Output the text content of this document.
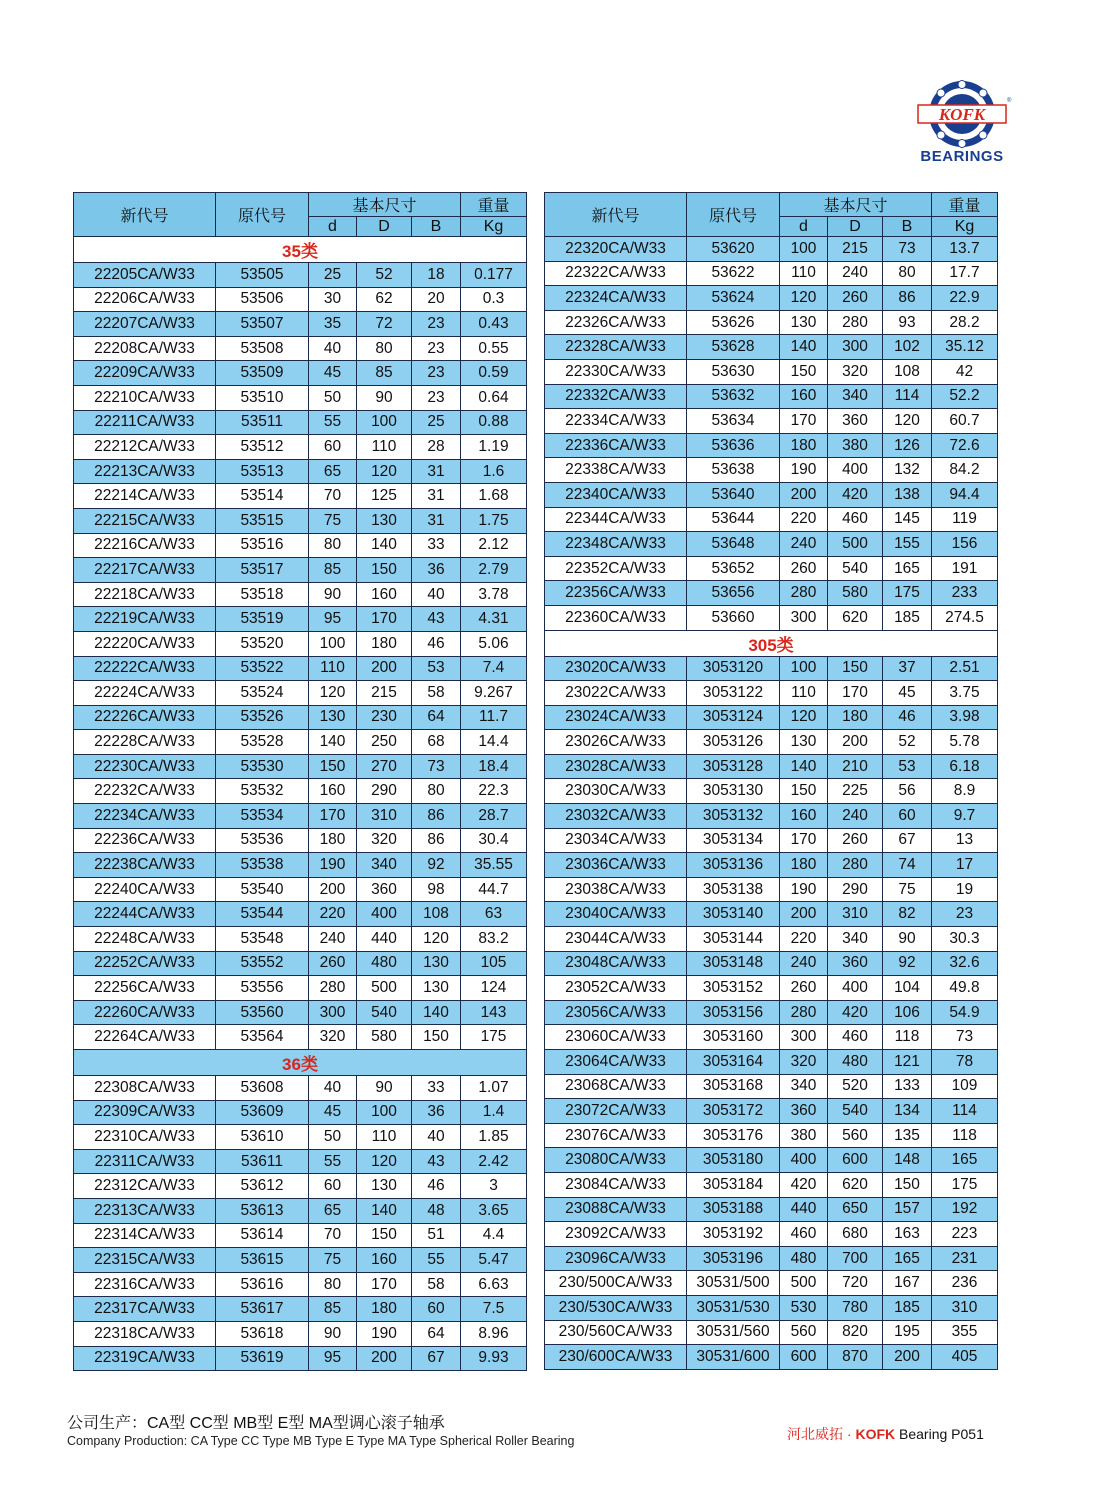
KOFK
®
BEARINGS
新代号	原代号	基本尺寸			重量
		d	D	B	Kg
35类					
22205CA/W33	53505	25	52	18	0.177
22206CA/W33	53506	30	62	20	0.3
22207CA/W33	53507	35	72	23	0.43
22208CA/W33	53508	40	80	23	0.55
22209CA/W33	53509	45	85	23	0.59
22210CA/W33	53510	50	90	23	0.64
22211CA/W33	53511	55	100	25	0.88
22212CA/W33	53512	60	110	28	1.19
22213CA/W33	53513	65	120	31	1.6
22214CA/W33	53514	70	125	31	1.68
22215CA/W33	53515	75	130	31	1.75
22216CA/W33	53516	80	140	33	2.12
22217CA/W33	53517	85	150	36	2.79
22218CA/W33	53518	90	160	40	3.78
22219CA/W33	53519	95	170	43	4.31
22220CA/W33	53520	100	180	46	5.06
22222CA/W33	53522	110	200	53	7.4
22224CA/W33	53524	120	215	58	9.267
22226CA/W33	53526	130	230	64	11.7
22228CA/W33	53528	140	250	68	14.4
22230CA/W33	53530	150	270	73	18.4
22232CA/W33	53532	160	290	80	22.3
22234CA/W33	53534	170	310	86	28.7
22236CA/W33	53536	180	320	86	30.4
22238CA/W33	53538	190	340	92	35.55
22240CA/W33	53540	200	360	98	44.7
22244CA/W33	53544	220	400	108	63
22248CA/W33	53548	240	440	120	83.2
22252CA/W33	53552	260	480	130	105
22256CA/W33	53556	280	500	130	124
22260CA/W33	53560	300	540	140	143
22264CA/W33	53564	320	580	150	175
36类					
22308CA/W33	53608	40	90	33	1.07
22309CA/W33	53609	45	100	36	1.4
22310CA/W33	53610	50	110	40	1.85
22311CA/W33	53611	55	120	43	2.42
22312CA/W33	53612	60	130	46	3
22313CA/W33	53613	65	140	48	3.65
22314CA/W33	53614	70	150	51	4.4
22315CA/W33	53615	75	160	55	5.47
22316CA/W33	53616	80	170	58	6.63
22317CA/W33	53617	85	180	60	7.5
22318CA/W33	53618	90	190	64	8.96
22319CA/W33	53619	95	200	67	9.93
新代号	原代号	基本尺寸			重量
		d	D	B	Kg
22320CA/W33	53620	100	215	73	13.7
22322CA/W33	53622	110	240	80	17.7
22324CA/W33	53624	120	260	86	22.9
22326CA/W33	53626	130	280	93	28.2
22328CA/W33	53628	140	300	102	35.12
22330CA/W33	53630	150	320	108	42
22332CA/W33	53632	160	340	114	52.2
22334CA/W33	53634	170	360	120	60.7
22336CA/W33	53636	180	380	126	72.6
22338CA/W33	53638	190	400	132	84.2
22340CA/W33	53640	200	420	138	94.4
22344CA/W33	53644	220	460	145	119
22348CA/W33	53648	240	500	155	156
22352CA/W33	53652	260	540	165	191
22356CA/W33	53656	280	580	175	233
22360CA/W33	53660	300	620	185	274.5
305类					
23020CA/W33	3053120	100	150	37	2.51
23022CA/W33	3053122	110	170	45	3.75
23024CA/W33	3053124	120	180	46	3.98
23026CA/W33	3053126	130	200	52	5.78
23028CA/W33	3053128	140	210	53	6.18
23030CA/W33	3053130	150	225	56	8.9
23032CA/W33	3053132	160	240	60	9.7
23034CA/W33	3053134	170	260	67	13
23036CA/W33	3053136	180	280	74	17
23038CA/W33	3053138	190	290	75	19
23040CA/W33	3053140	200	310	82	23
23044CA/W33	3053144	220	340	90	30.3
23048CA/W33	3053148	240	360	92	32.6
23052CA/W33	3053152	260	400	104	49.8
23056CA/W33	3053156	280	420	106	54.9
23060CA/W33	3053160	300	460	118	73
23064CA/W33	3053164	320	480	121	78
23068CA/W33	3053168	340	520	133	109
23072CA/W33	3053172	360	540	134	114
23076CA/W33	3053176	380	560	135	118
23080CA/W33	3053180	400	600	148	165
23084CA/W33	3053184	420	620	150	175
23088CA/W33	3053188	440	650	157	192
23092CA/W33	3053192	460	680	163	223
23096CA/W33	3053196	480	700	165	231
230/500CA/W33	30531/500	500	720	167	236
230/530CA/W33	30531/530	530	780	185	310
230/560CA/W33	30531/560	560	820	195	355
230/600CA/W33	30531/600	600	870	200	405
公司生产：CA型 CC型 MB型 E型 MA型调心滚子轴承
Company Production: CA Type CC Type MB Type E Type MA Type Spherical Roller Bearing	河北威拓 · KOFK Bearing P051
